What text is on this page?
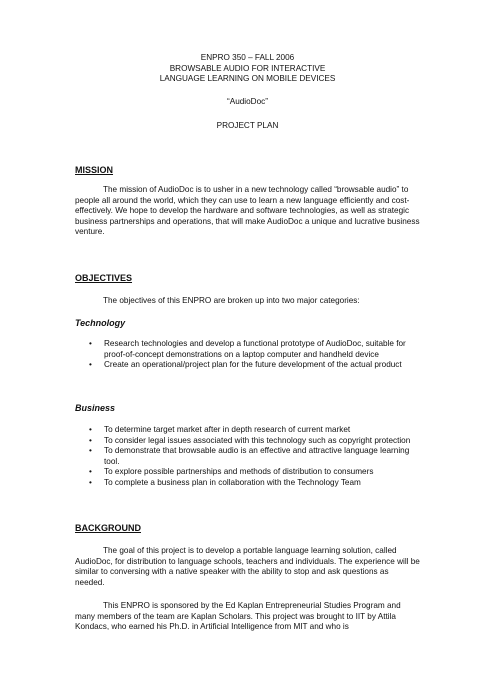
ENPRO 350 – FALL 2006
BROWSABLE AUDIO FOR INTERACTIVE
LANGUAGE LEARNING ON MOBILE DEVICES
“AudioDoc”
PROJECT PLAN
MISSION
The mission of AudioDoc is to usher in a new technology called “browsable audio” to people all around the world, which they can use to learn a new language efficiently and cost-effectively. We hope to develop the hardware and software technologies, as well as strategic business partnerships and operations, that will make AudioDoc a unique and lucrative business venture.
OBJECTIVES
The objectives of this ENPRO are broken up into two major categories:
Technology
• Research technologies and develop a functional prototype of AudioDoc, suitable for proof-of-concept demonstrations on a laptop computer and handheld device
• Create an operational/project plan for the future development of the actual product
Business
• To determine target market after in depth research of current market
• To consider legal issues associated with this technology such as copyright protection
• To demonstrate that browsable audio is an effective and attractive language learning tool.
• To explore possible partnerships and methods of distribution to consumers
• To complete a business plan in collaboration with the Technology Team
BACKGROUND
The goal of this project is to develop a portable language learning solution, called AudioDoc, for distribution to language schools, teachers and individuals. The experience will be similar to conversing with a native speaker with the ability to stop and ask questions as needed.
This ENPRO is sponsored by the Ed Kaplan Entrepreneurial Studies Program and many members of the team are Kaplan Scholars. This project was brought to IIT by Attila Kondacs, who earned his Ph.D. in Artificial Intelligence from MIT and who is
